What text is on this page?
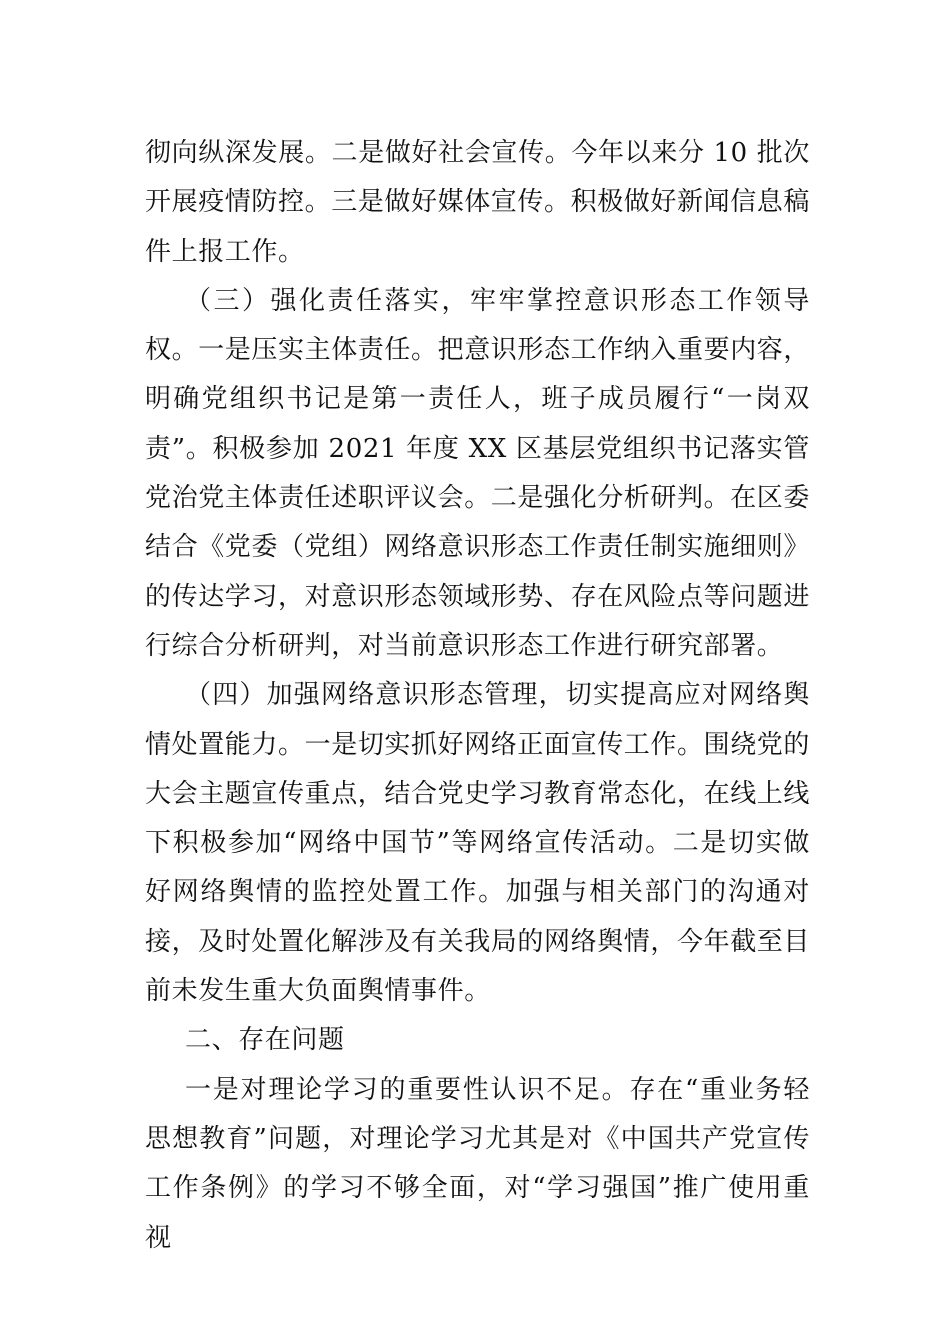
彻向纵深发展。二是做好社会宣传。今年以来分 10 批次开展疫情防控。三是做好媒体宣传。积极做好新闻信息稿件上报工作。

（三）强化责任落实，牢牢掌控意识形态工作领导权。一是压实主体责任。把意识形态工作纳入重要内容，明确党组织书记是第一责任人，班子成员履行“一岗双责”。积极参加 2021 年度 XX 区基层党组织书记落实管党治党主体责任述职评议会。二是强化分析研判。在区委结合《党委（党组）网络意识形态工作责任制实施细则》的传达学习，对意识形态领域形势、存在风险点等问题进行综合分析研判，对当前意识形态工作进行研究部署。

（四）加强网络意识形态管理，切实提高应对网络舆情处置能力。一是切实抓好网络正面宣传工作。围绕党的大会主题宣传重点，结合党史学习教育常态化，在线上线下积极参加“网络中国节”等网络宣传活动。二是切实做好网络舆情的监控处置工作。加强与相关部门的沟通对接，及时处置化解涉及有关我局的网络舆情，今年截至目前未发生重大负面舆情事件。

二、存在问题

一是对理论学习的重要性认识不足。存在“重业务轻思想教育”问题，对理论学习尤其是对《中国共产党宣传工作条例》的学习不够全面，对“学习强国”推广使用重视
